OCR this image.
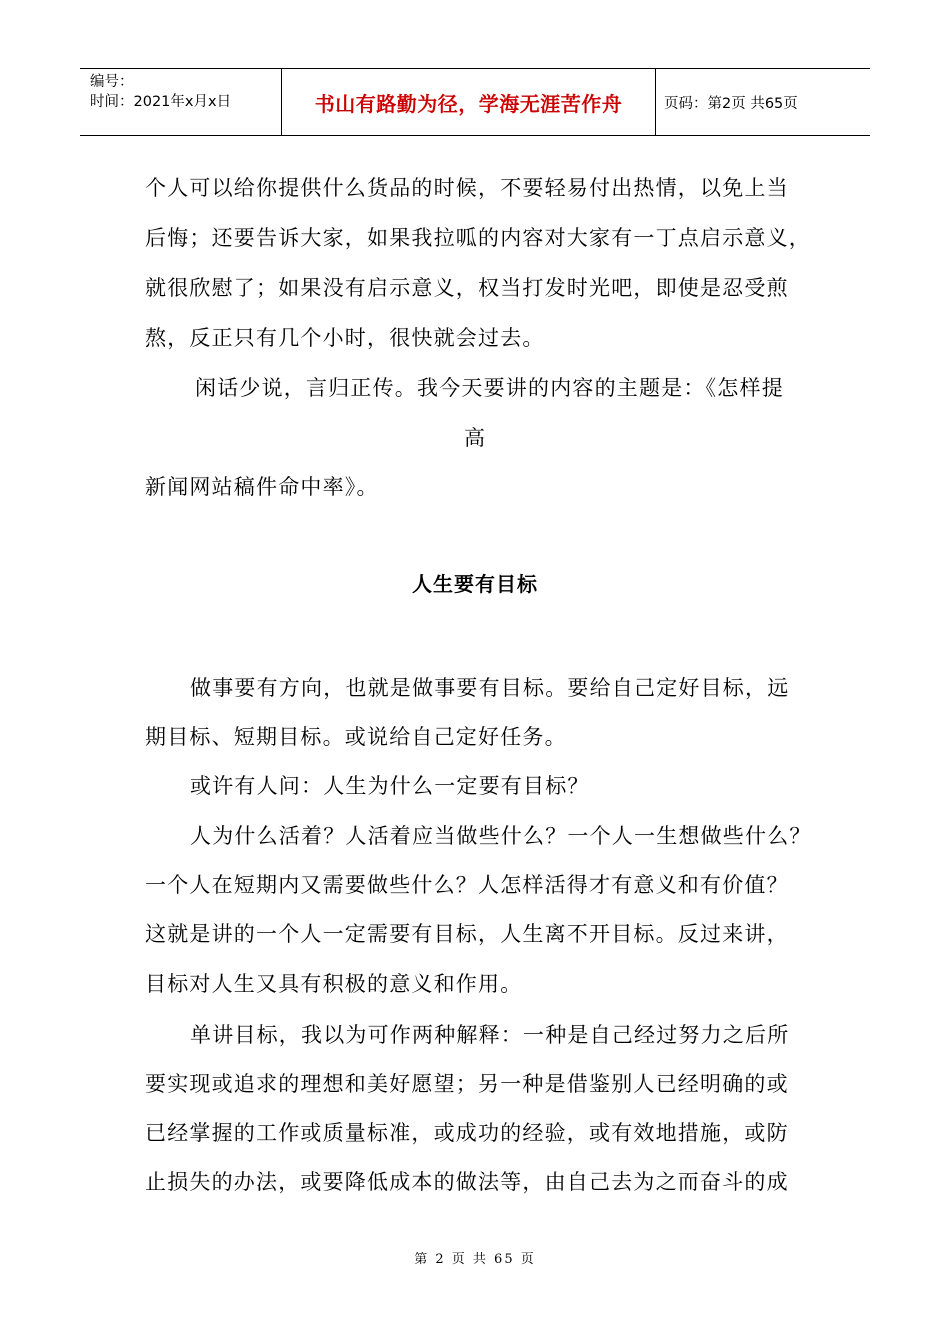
编号：
时间：2021年x月x日	书山有路勤为径，学海无涯苦作舟	页码：第2页 共65页
个人可以给你提供什么货品的时候，不要轻易付出热情，以免上当
后悔；还要告诉大家，如果我拉呱的内容对大家有一丁点启示意义，
就很欣慰了；如果没有启示意义，权当打发时光吧，即使是忍受煎
熬，反正只有几个小时，很快就会过去。
闲话少说，言归正传。我今天要讲的内容的主题是：《怎样提
高
新闻网站稿件命中率》。
人生要有目标
做事要有方向，也就是做事要有目标。要给自己定好目标，远
期目标、短期目标。或说给自己定好任务。
或许有人问：人生为什么一定要有目标？
人为什么活着？人活着应当做些什么？一个人一生想做些什么？
一个人在短期内又需要做些什么？人怎样活得才有意义和有价值？
这就是讲的一个人一定需要有目标，人生离不开目标。反过来讲，
目标对人生又具有积极的意义和作用。
单讲目标，我以为可作两种解释：一种是自己经过努力之后所
要实现或追求的理想和美好愿望；另一种是借鉴别人已经明确的或
已经掌握的工作或质量标准，或成功的经验，或有效地措施，或防
止损失的办法，或要降低成本的做法等，由自己去为之而奋斗的成
第 2 页 共 65 页
